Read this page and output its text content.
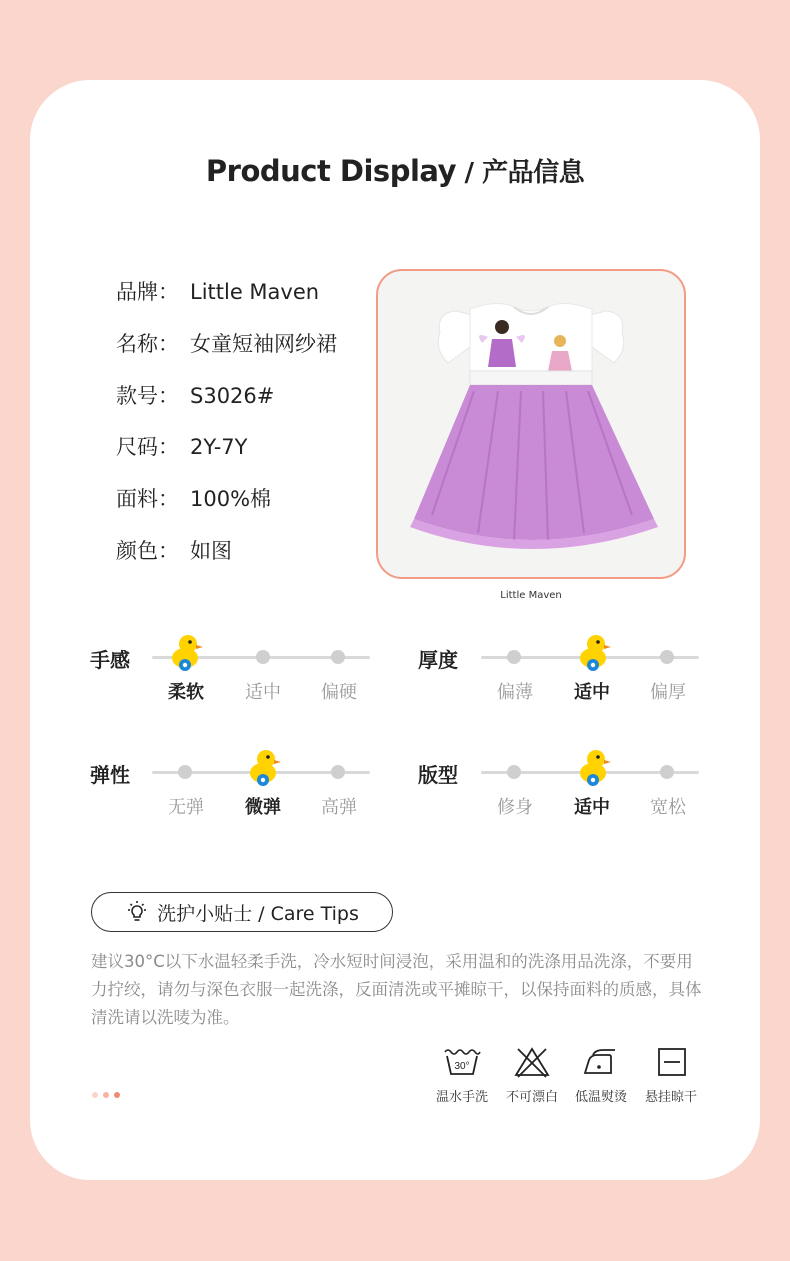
Product Display / 产品信息
品牌： Little Maven
名称： 女童短袖网纱裙
款号： S3026#
尺码： 2Y-7Y
面料： 100%棉
颜色： 如图
Little Maven
手感
柔软	适中	偏硬
厚度
偏薄	适中	偏厚
弹性
无弹	微弹	高弹
版型
修身	适中	宽松
洗护小贴士 / Care Tips
建议30°C以下水温轻柔手洗，冷水短时间浸泡，采用温和的洗涤用品洗涤，不要用力拧绞，请勿与深色衣服一起洗涤，反面清洗或平摊晾干，以保持面料的质感，具体清洗请以洗唛为准。
30°
温水手洗	不可漂白	低温熨烫	悬挂晾干
